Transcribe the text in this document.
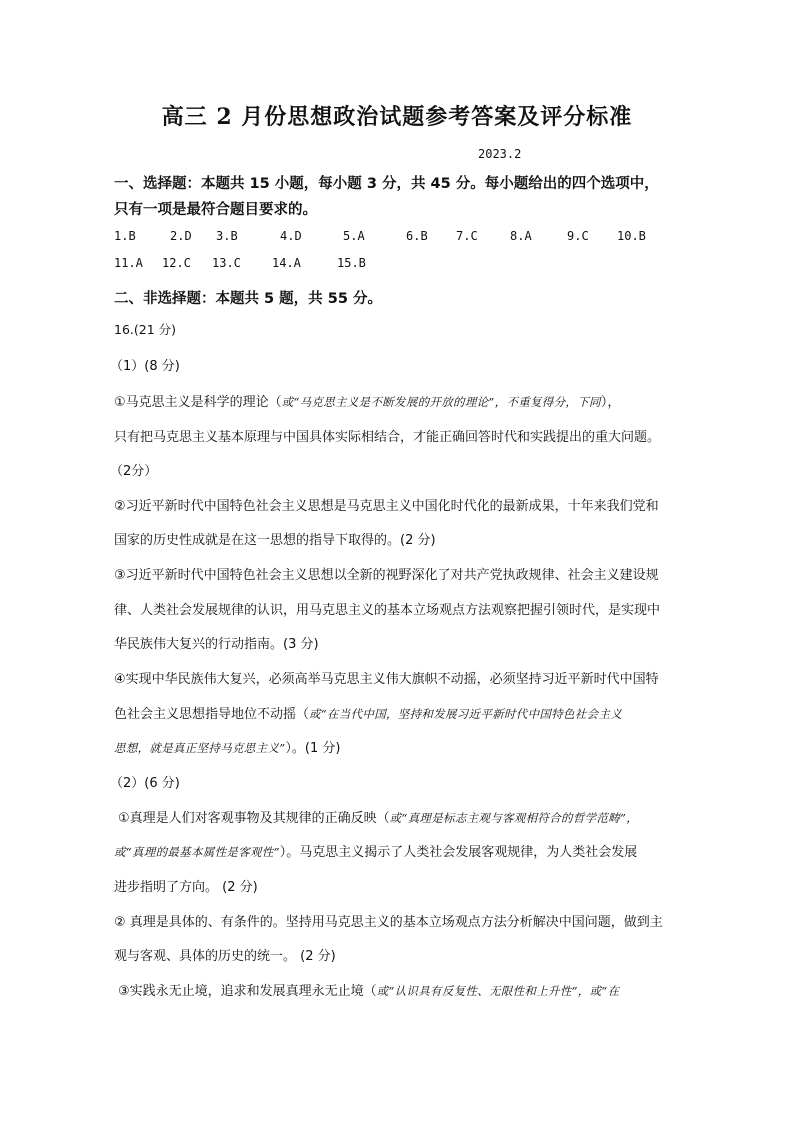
高三 2 月份思想政治试题参考答案及评分标准
2023.2
一、选择题：本题共 15 小题，每小题 3 分，共 45 分。每小题给出的四个选项中，
只有一项是最符合题目要求的。
1.B	2.D 3.B	4.D	5.A	6.B 7.C	8.A	9.C 10.B
11.A 12.C 13.C	14.A	15.B
二、非选择题：本题共 5 题，共 55 分。
16.(21 分)
（1）(8 分)
①马克思主义是科学的理论（或“马克思主义是不断发展的开放的理论”，不重复得分，下同），
只有把马克思主义基本原理与中国具体实际相结合，才能正确回答时代和实践提出的重大问题。
（2分）
②习近平新时代中国特色社会主义思想是马克思主义中国化时代化的最新成果，十年来我们党和
国家的历史性成就是在这一思想的指导下取得的。(2 分)
③习近平新时代中国特色社会主义思想以全新的视野深化了对共产党执政规律、社会主义建设规
律、人类社会发展规律的认识，用马克思主义的基本立场观点方法观察把握引领时代，是实现中
华民族伟大复兴的行动指南。(3 分)
④实现中华民族伟大复兴，必须高举马克思主义伟大旗帜不动摇，必须坚持习近平新时代中国特
色社会主义思想指导地位不动摇（或“在当代中国，坚持和发展习近平新时代中国特色社会主义
思想，就是真正坚持马克思主义”）。(1 分)
（2）(6 分)
①真理是人们对客观事物及其规律的正确反映（或“真理是标志主观与客观相符合的哲学范畴”，
或“真理的最基本属性是客观性”）。马克思主义揭示了人类社会发展客观规律，为人类社会发展
进步指明了方向。 (2 分)
② 真理是具体的、有条件的。坚持用马克思主义的基本立场观点方法分析解决中国问题，做到主
观与客观、具体的历史的统一。 (2 分)
③实践永无止境，追求和发展真理永无止境（或“认识具有反复性、无限性和上升性”，或“在
